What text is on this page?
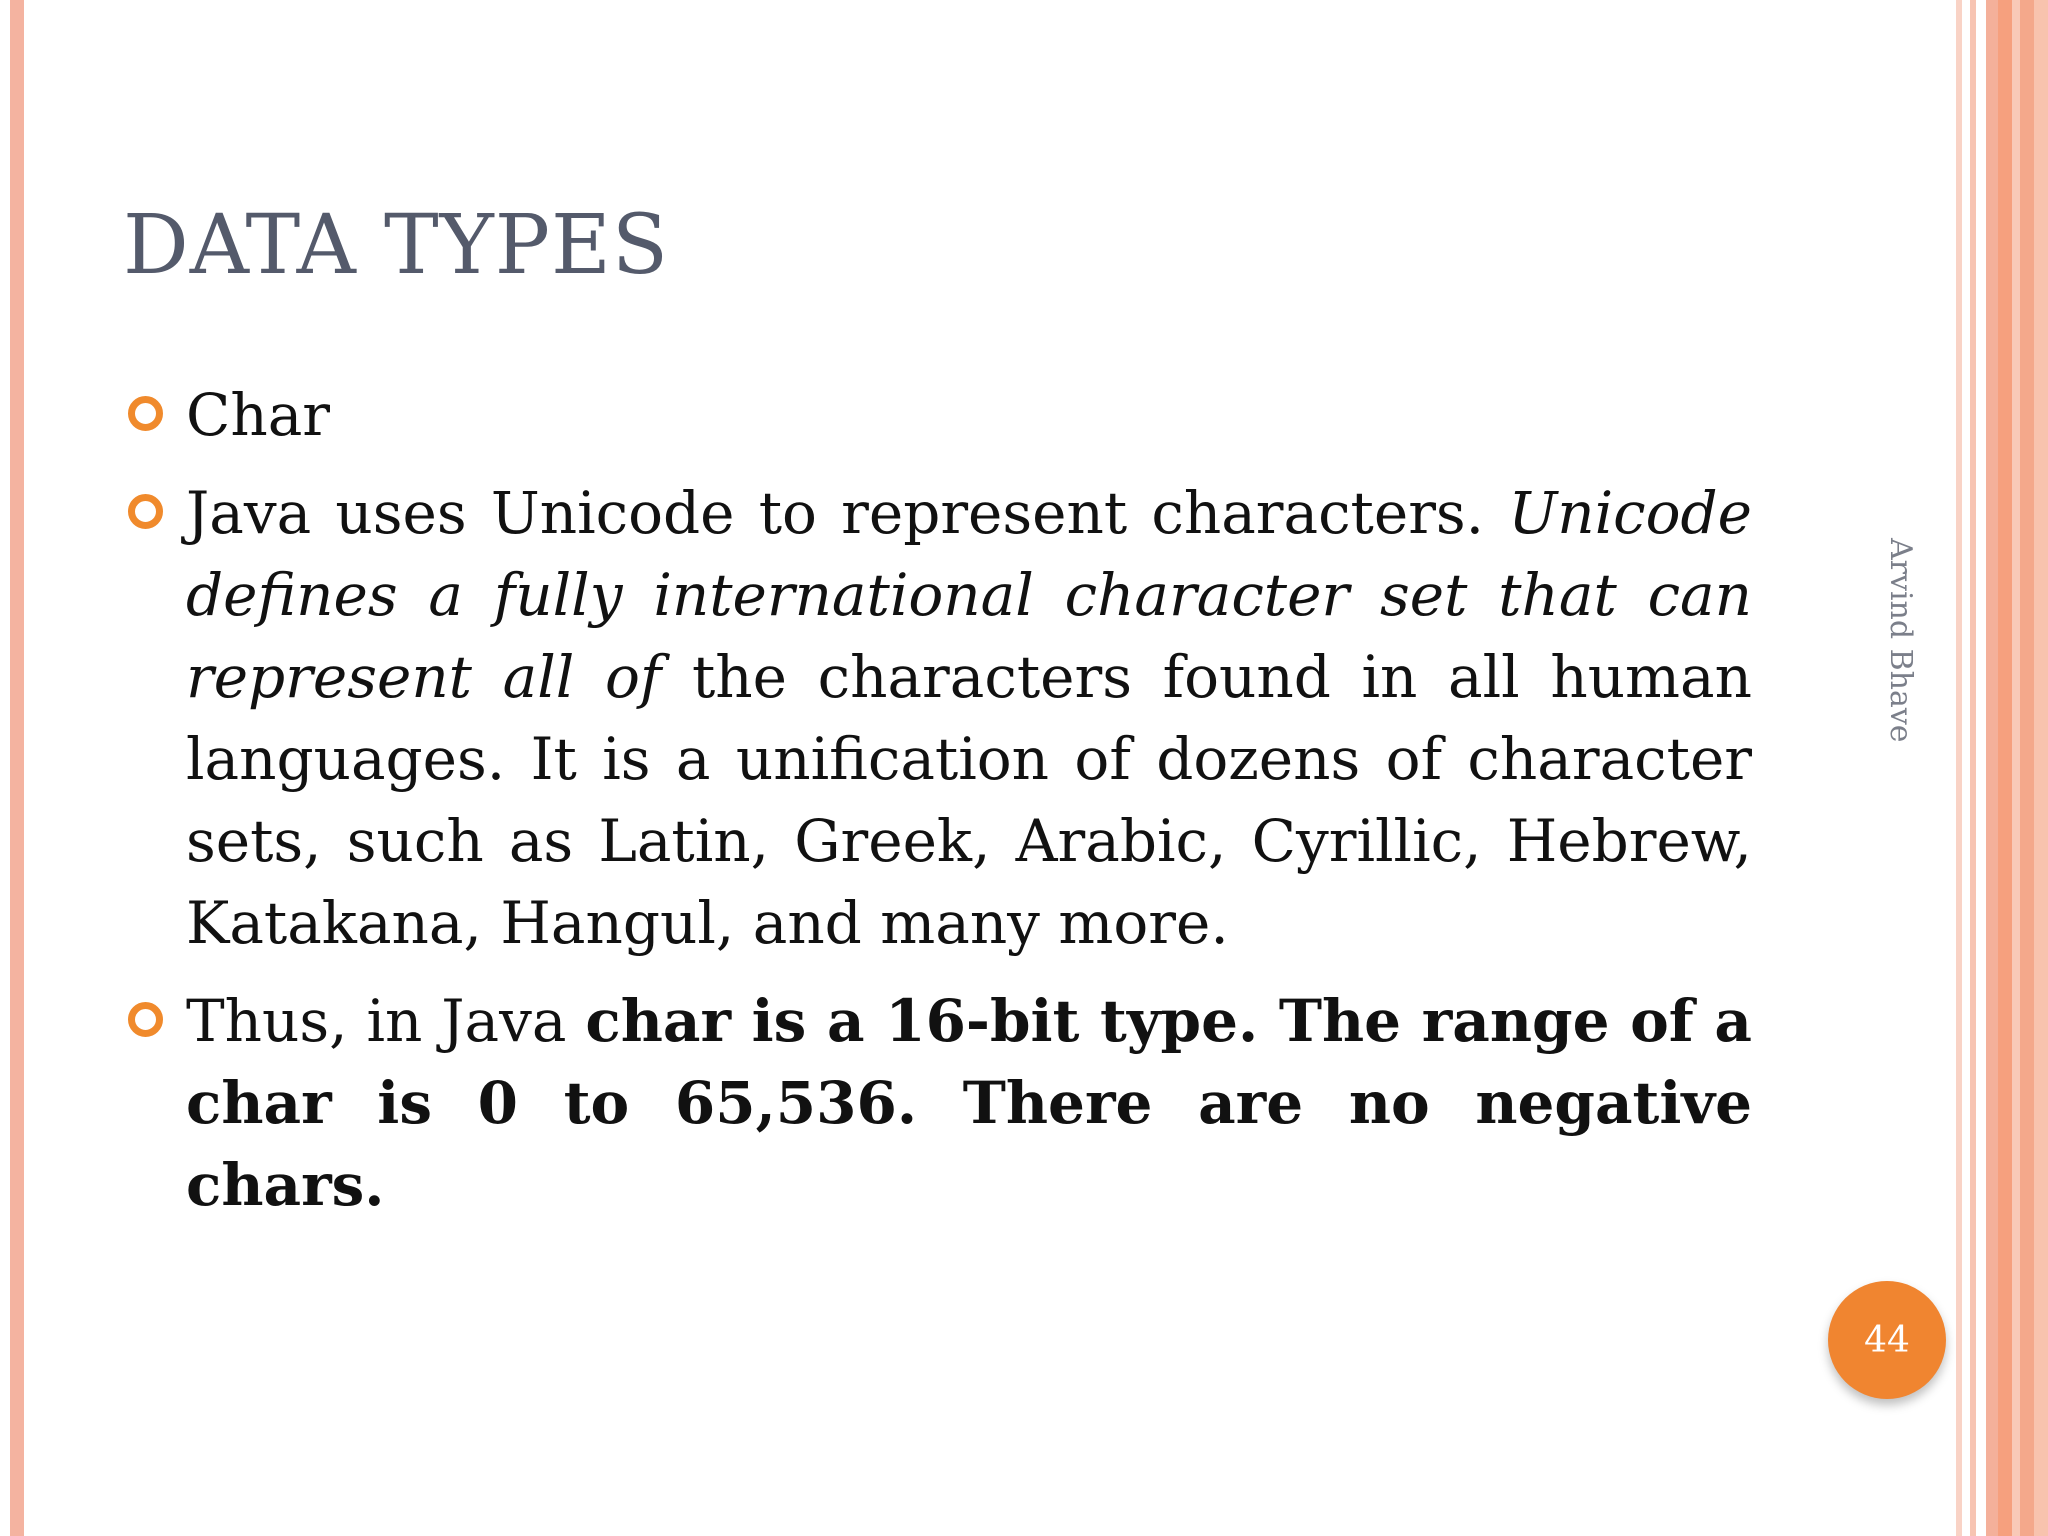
DATA TYPES
Char
Java uses Unicode to represent characters. Unicode defines a fully international character set that can represent all of the characters found in all human languages. It is a unification of dozens of character sets, such as Latin, Greek, Arabic, Cyrillic, Hebrew, Katakana, Hangul, and many more.
Thus, in Java char is a 16-bit type. The range of a char is 0 to 65,536. There are no negative chars.
Arvind Bhave
44
